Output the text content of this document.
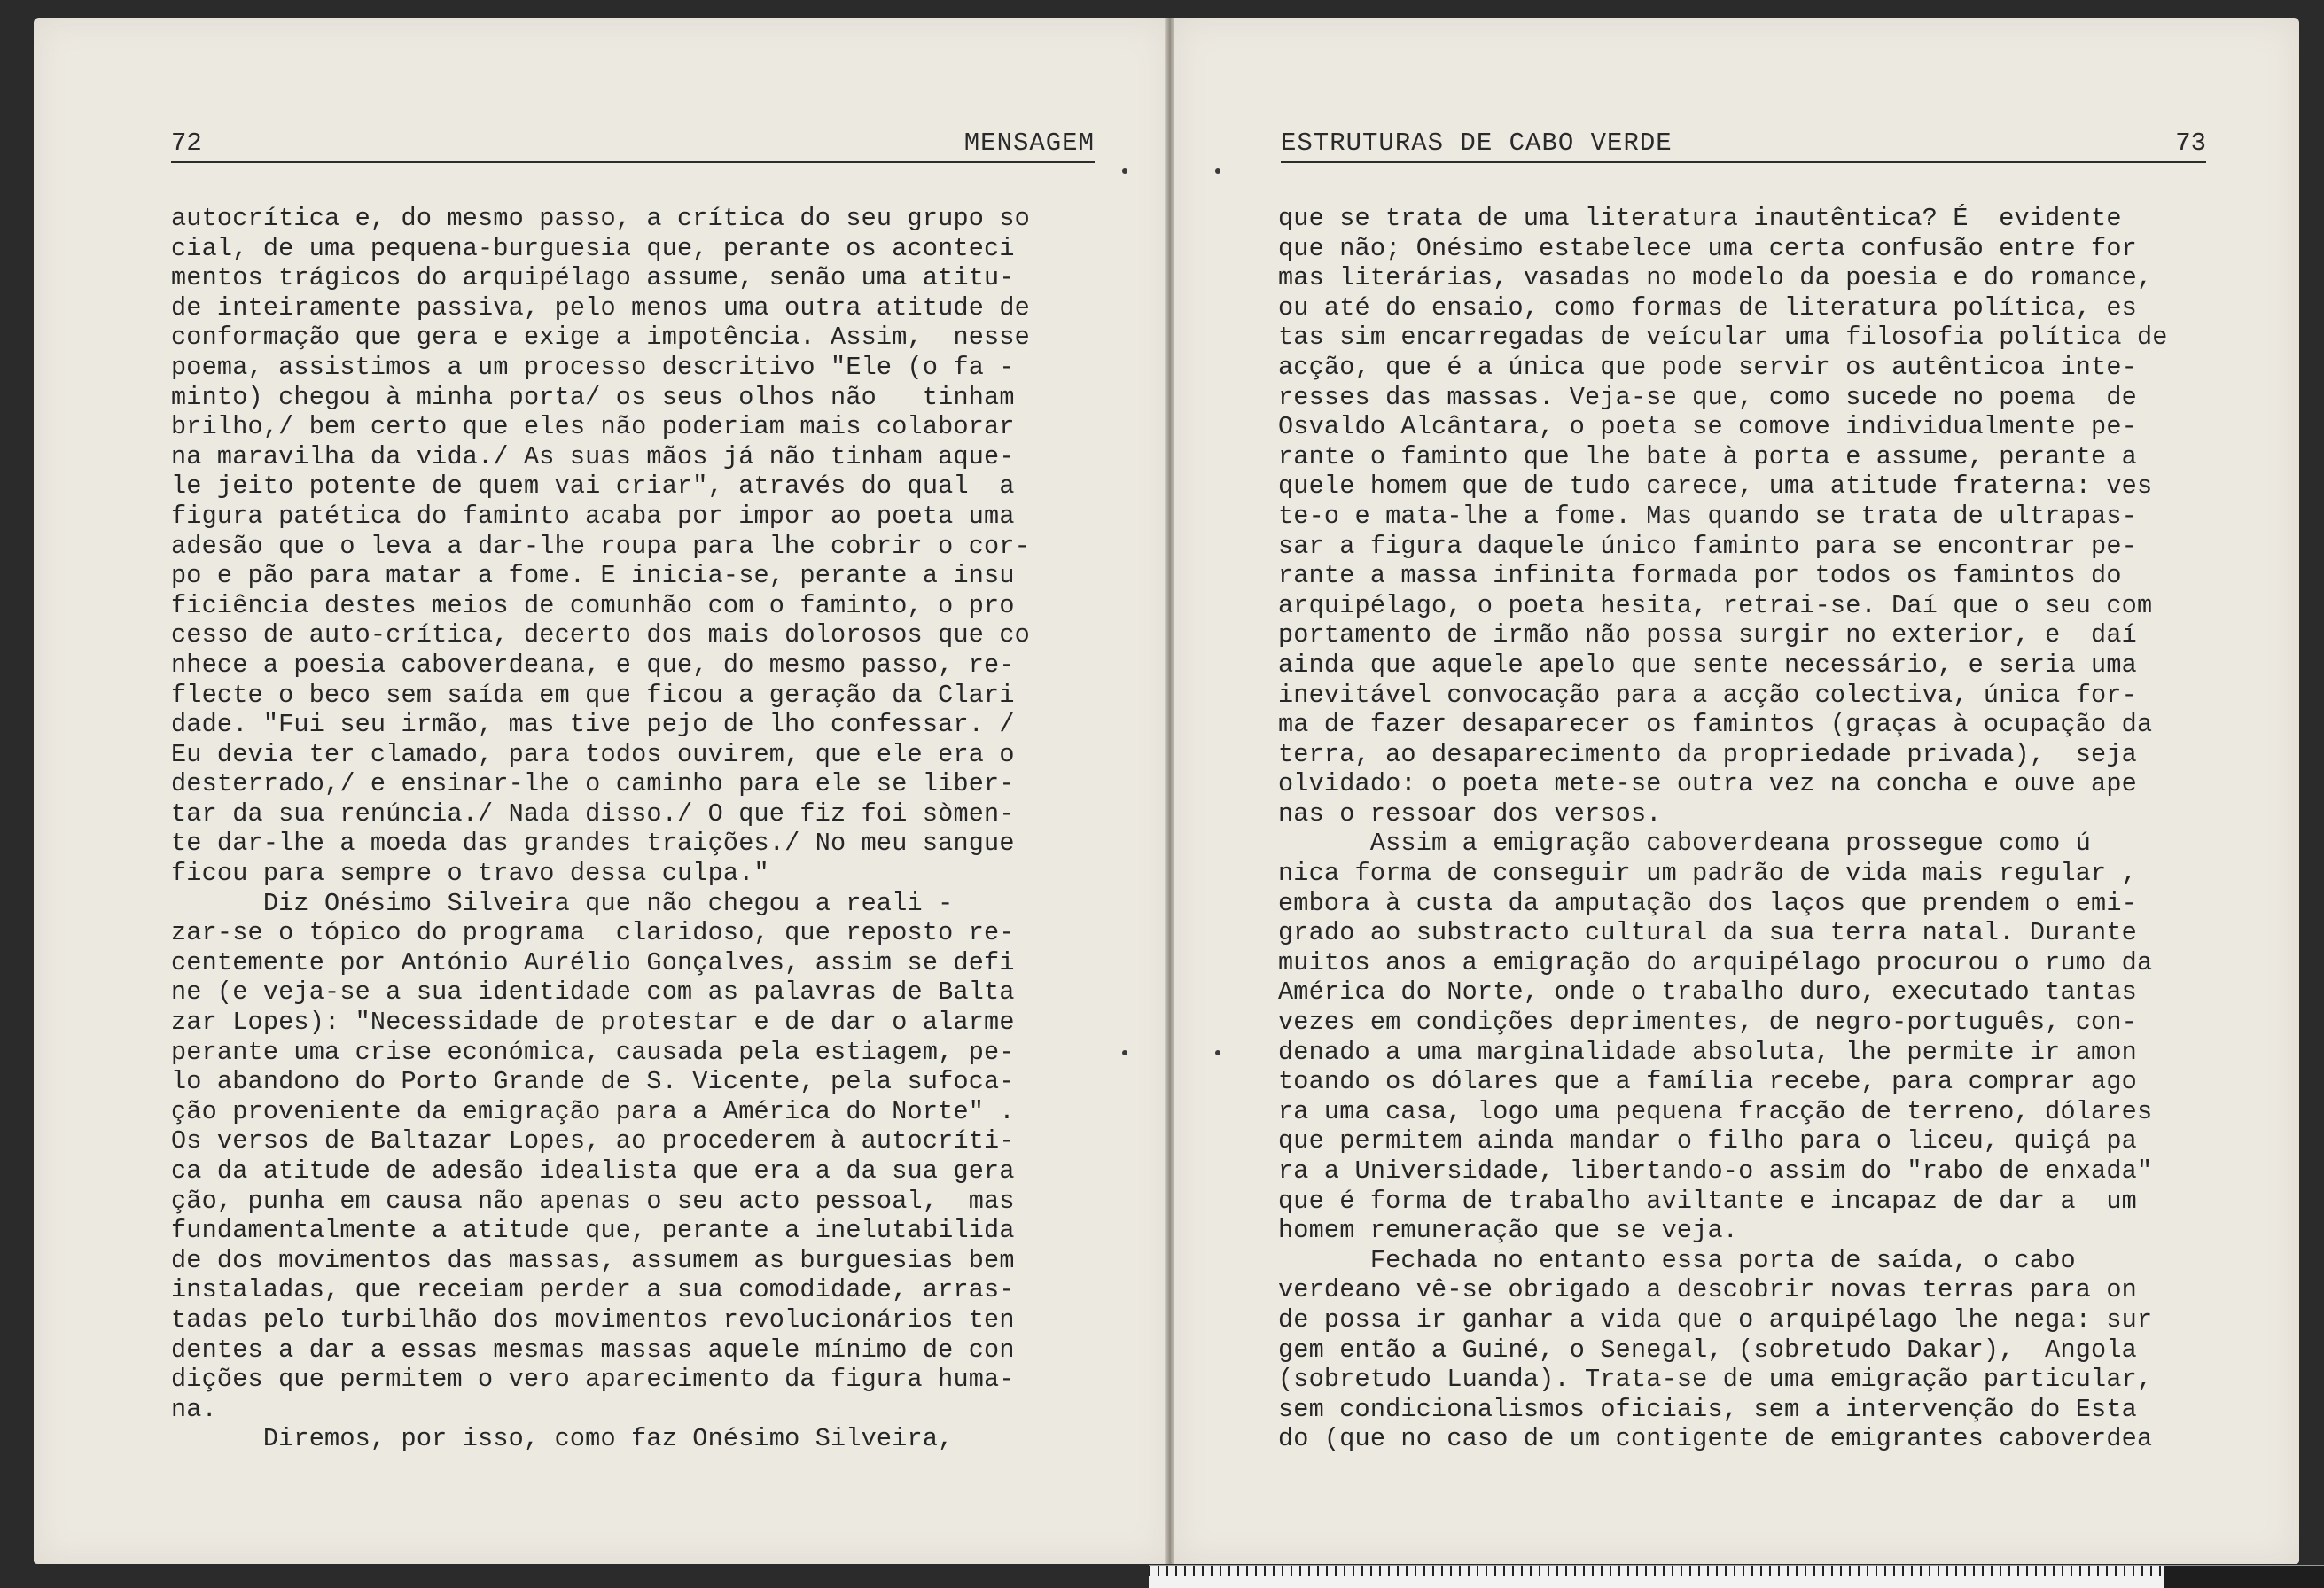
72	MENSAGEM
autocrítica e, do mesmo passo, a crítica do seu grupo so
cial, de uma pequena-burguesia que, perante os aconteci
mentos trágicos do arquipélago assume, senão uma atitu-
de inteiramente passiva, pelo menos uma outra atitude de
conformação que gera e exige a impotência. Assim,  nesse
poema, assistimos a um processo descritivo "Ele (o fa -
minto) chegou à minha porta/ os seus olhos não   tinham
brilho,/ bem certo que eles não poderiam mais colaborar
na maravilha da vida./ As suas mãos já não tinham aque-
le jeito potente de quem vai criar", através do qual  a
figura patética do faminto acaba por impor ao poeta uma
adesão que o leva a dar-lhe roupa para lhe cobrir o cor-
po e pão para matar a fome. E inicia-se, perante a insu
ficiência destes meios de comunhão com o faminto, o pro
cesso de auto-crítica, decerto dos mais dolorosos que co
nhece a poesia caboverdeana, e que, do mesmo passo, re-
flecte o beco sem saída em que ficou a geração da Clari
dade. "Fui seu irmão, mas tive pejo de lho confessar. /
Eu devia ter clamado, para todos ouvirem, que ele era o
desterrado,/ e ensinar-lhe o caminho para ele se liber-
tar da sua renúncia./ Nada disso./ O que fiz foi sòmen-
te dar-lhe a moeda das grandes traições./ No meu sangue
ficou para sempre o travo dessa culpa."
Diz Onésimo Silveira que não chegou a reali -
zar-se o tópico do programa  claridoso, que reposto re-
centemente por António Aurélio Gonçalves, assim se defi
ne (e veja-se a sua identidade com as palavras de Balta
zar Lopes): "Necessidade de protestar e de dar o alarme
perante uma crise económica, causada pela estiagem, pe-
lo abandono do Porto Grande de S. Vicente, pela sufoca-
ção proveniente da emigração para a América do Norte" .
Os versos de Baltazar Lopes, ao procederem à autocríti-
ca da atitude de adesão idealista que era a da sua gera
ção, punha em causa não apenas o seu acto pessoal,  mas
fundamentalmente a atitude que, perante a inelutabilida
de dos movimentos das massas, assumem as burguesias bem
instaladas, que receiam perder a sua comodidade, arras-
tadas pelo turbilhão dos movimentos revolucionários ten
dentes a dar a essas mesmas massas aquele mínimo de con
dições que permitem o vero aparecimento da figura huma-
na.
Diremos, por isso, como faz Onésimo Silveira,
ESTRUTURAS DE CABO VERDE	73
que se trata de uma literatura inautêntica? É  evidente
que não; Onésimo estabelece uma certa confusão entre for
mas literárias, vasadas no modelo da poesia e do romance,
ou até do ensaio, como formas de literatura política, es
tas sim encarregadas de veícular uma filosofia política de
acção, que é a única que pode servir os autênticoa inte-
resses das massas. Veja-se que, como sucede no poema  de
Osvaldo Alcântara, o poeta se comove individualmente pe-
rante o faminto que lhe bate à porta e assume, perante a
quele homem que de tudo carece, uma atitude fraterna: ves
te-o e mata-lhe a fome. Mas quando se trata de ultrapas-
sar a figura daquele único faminto para se encontrar pe-
rante a massa infinita formada por todos os famintos do
arquipélago, o poeta hesita, retrai-se. Daí que o seu com
portamento de irmão não possa surgir no exterior, e  daí
ainda que aquele apelo que sente necessário, e seria uma
inevitável convocação para a acção colectiva, única for-
ma de fazer desaparecer os famintos (graças à ocupação da
terra, ao desaparecimento da propriedade privada),  seja
olvidado: o poeta mete-se outra vez na concha e ouve ape
nas o ressoar dos versos.
Assim a emigração caboverdeana prossegue como ú
nica forma de conseguir um padrão de vida mais regular ,
embora à custa da amputação dos laços que prendem o emi-
grado ao substracto cultural da sua terra natal. Durante
muitos anos a emigração do arquipélago procurou o rumo da
América do Norte, onde o trabalho duro, executado tantas
vezes em condições deprimentes, de negro-português, con-
denado a uma marginalidade absoluta, lhe permite ir amon
toando os dólares que a família recebe, para comprar ago
ra uma casa, logo uma pequena fracção de terreno, dólares
que permitem ainda mandar o filho para o liceu, quiçá pa
ra a Universidade, libertando-o assim do "rabo de enxada"
que é forma de trabalho aviltante e incapaz de dar a  um
homem remuneração que se veja.
Fechada no entanto essa porta de saída, o cabo
verdeano vê-se obrigado a descobrir novas terras para on
de possa ir ganhar a vida que o arquipélago lhe nega: sur
gem então a Guiné, o Senegal, (sobretudo Dakar),  Angola
(sobretudo Luanda). Trata-se de uma emigração particular,
sem condicionalismos oficiais, sem a intervenção do Esta
do (que no caso de um contigente de emigrantes caboverdea
